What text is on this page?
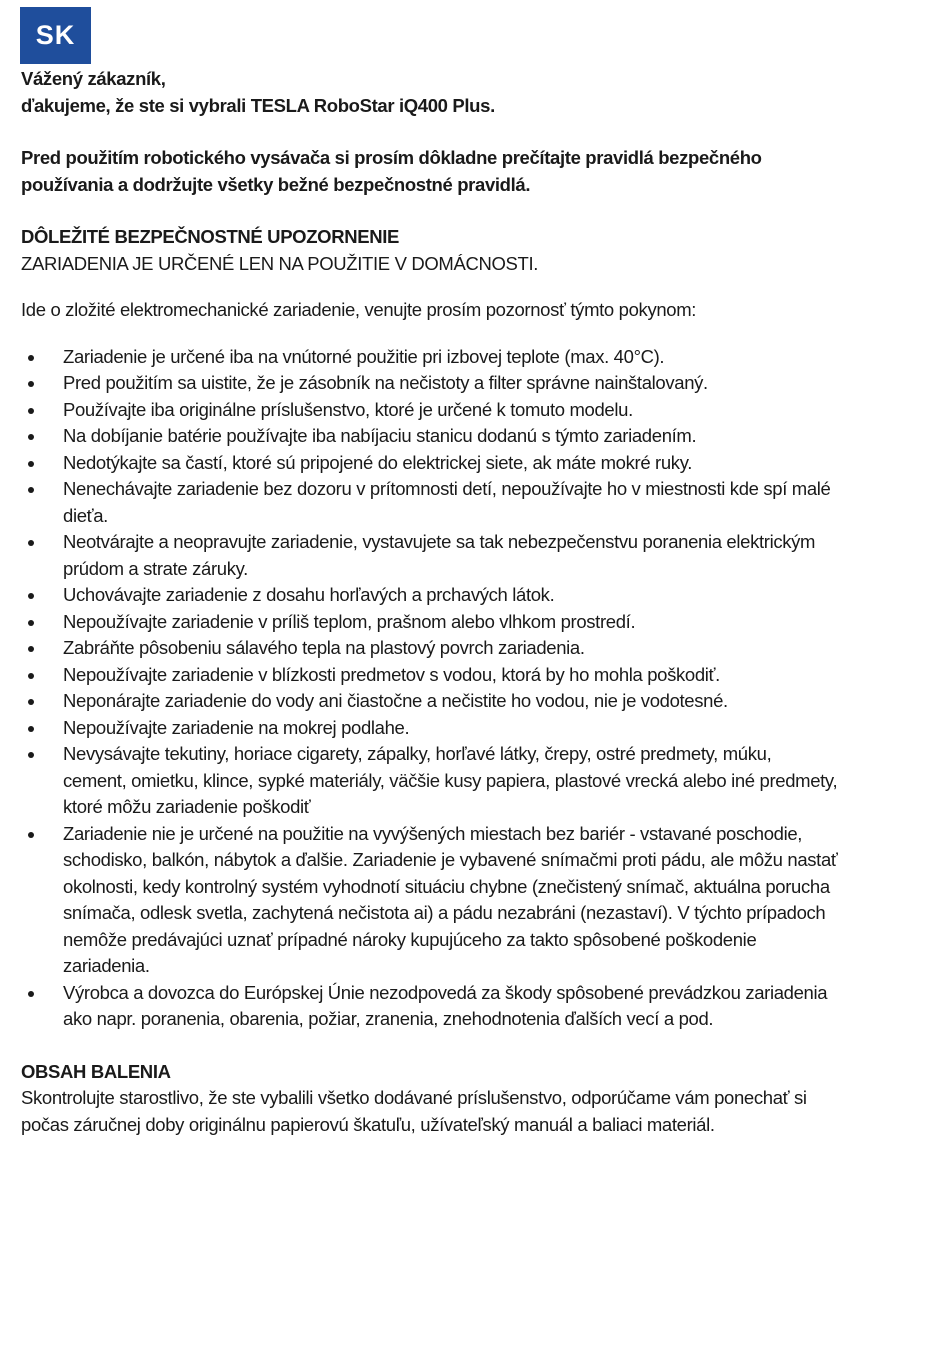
SK
Vážený zákazník,
ďakujeme, že ste si vybrali TESLA RoboStar iQ400 Plus.
Pred použitím robotického vysávača si prosím dôkladne prečítajte pravidlá bezpečného
používania a dodržujte všetky bežné bezpečnostné pravidlá.
DÔLEŽITÉ BEZPEČNOSTNÉ UPOZORNENIE
ZARIADENIA JE URČENÉ LEN NA POUŽITIE V DOMÁCNOSTI.
Ide o zložité elektromechanické zariadenie, venujte prosím pozornosť týmto pokynom:
Zariadenie je určené iba na vnútorné použitie pri izbovej teplote (max. 40°C).
Pred použitím sa uistite, že je zásobník na nečistoty a filter správne nainštalovaný.
Používajte iba originálne príslušenstvo, ktoré je určené k tomuto modelu.
Na dobíjanie batérie používajte iba nabíjaciu stanicu dodanú s týmto zariadením.
Nedotýkajte sa častí, ktoré sú pripojené do elektrickej siete, ak máte mokré ruky.
Nenechávajte zariadenie bez dozoru v prítomnosti detí, nepoužívajte ho v miestnosti kde spí malé
dieťa.
Neotvárajte a neopravujte zariadenie, vystavujete sa tak nebezpečenstvu poranenia elektrickým
prúdom a strate záruky.
Uchovávajte zariadenie z dosahu horľavých a prchavých látok.
Nepoužívajte zariadenie v príliš teplom, prašnom alebo vlhkom prostredí.
Zabráňte pôsobeniu sálavého tepla na plastový povrch zariadenia.
Nepoužívajte zariadenie v blízkosti predmetov s vodou, ktorá by ho mohla poškodiť.
Neponárajte zariadenie do vody ani čiastočne a nečistite ho vodou, nie je vodotesné.
Nepoužívajte zariadenie na mokrej podlahe.
Nevysávajte tekutiny, horiace cigarety, zápalky, horľavé látky, črepy, ostré predmety, múku,
cement, omietku, klince, sypké materiály, väčšie kusy papiera, plastové vrecká alebo iné predmety,
ktoré môžu zariadenie poškodiť
Zariadenie nie je určené na použitie na vyvýšených miestach bez bariér - vstavané poschodie,
schodisko, balkón, nábytok a ďalšie. Zariadenie je vybavené snímačmi proti pádu, ale môžu nastať
okolnosti, kedy kontrolný systém vyhodnotí situáciu chybne (znečistený snímač, aktuálna porucha
snímača, odlesk svetla, zachytená nečistota ai) a pádu nezabráni (nezastaví). V týchto prípadoch
nemôže predávajúci uznať prípadné nároky kupujúceho za takto spôsobené poškodenie
zariadenia.
Výrobca a dovozca do Európskej Únie nezodpovedá za škody spôsobené prevádzkou zariadenia
ako napr. poranenia, obarenia, požiar, zranenia, znehodnotenia ďalších vecí a pod.
OBSAH BALENIA
Skontrolujte starostlivo, že ste vybalili všetko dodávané príslušenstvo, odporúčame vám ponechať si
počas záručnej doby originálnu papierovú škatuľu, užívateľský manuál a baliaci materiál.
